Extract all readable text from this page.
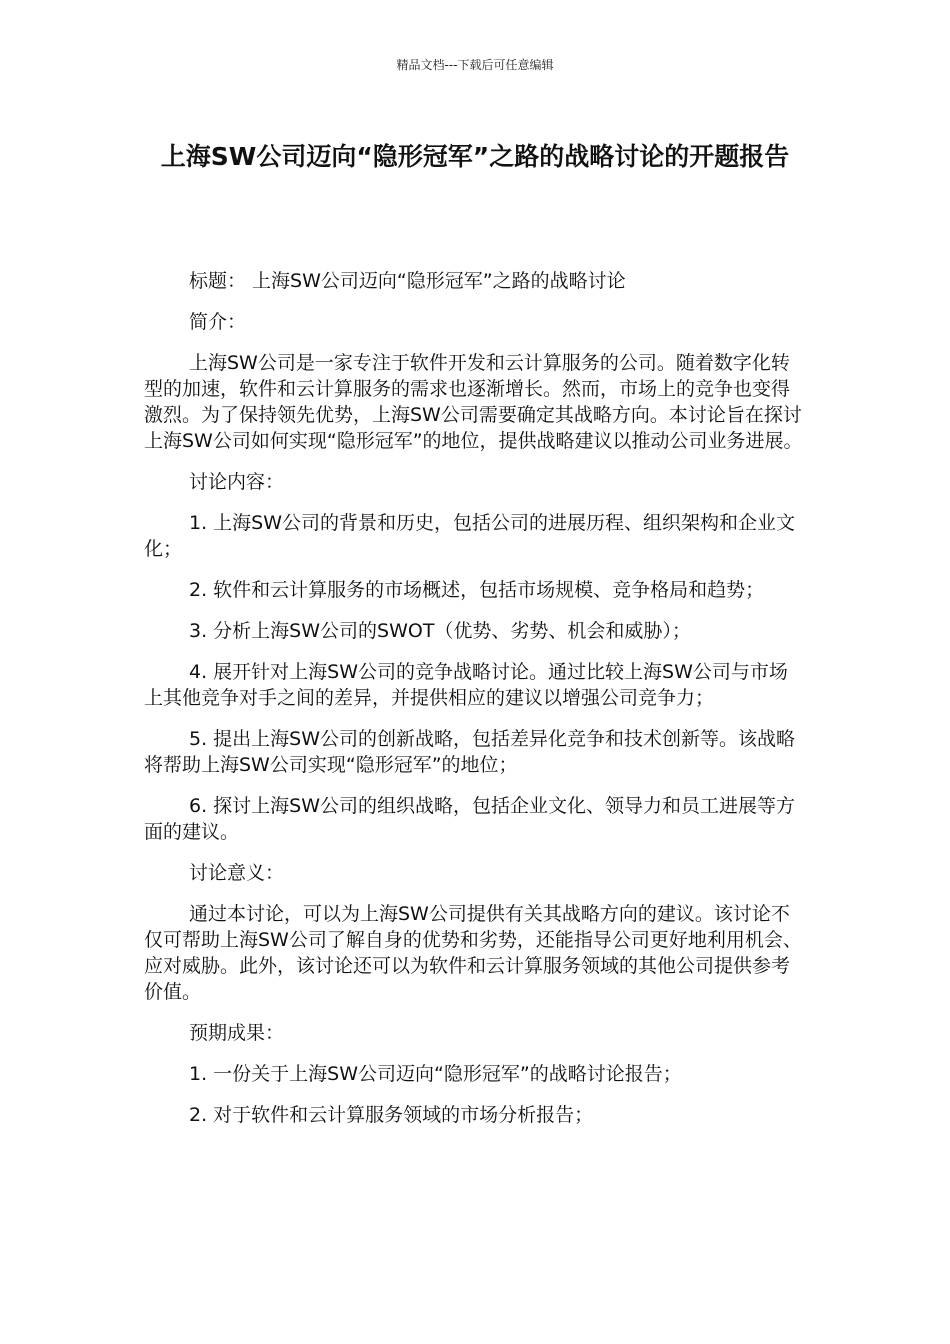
精品文档---下载后可任意编辑
上海SW公司迈向“隐形冠军”之路的战略讨论的开题报告

标题： 上海SW公司迈向“隐形冠军”之路的战略讨论

简介：

上海SW公司是一家专注于软件开发和云计算服务的公司。随着数字化转型的加速，软件和云计算服务的需求也逐渐增长。然而，市场上的竞争也变得激烈。为了保持领先优势，上海SW公司需要确定其战略方向。本讨论旨在探讨上海SW公司如何实现“隐形冠军”的地位，提供战略建议以推动公司业务进展。

讨论内容：

1. 上海SW公司的背景和历史，包括公司的进展历程、组织架构和企业文化；

2. 软件和云计算服务的市场概述，包括市场规模、竞争格局和趋势；

3. 分析上海SW公司的SWOT（优势、劣势、机会和威胁）；

4. 展开针对上海SW公司的竞争战略讨论。通过比较上海SW公司与市场上其他竞争对手之间的差异，并提供相应的建议以增强公司竞争力；

5. 提出上海SW公司的创新战略，包括差异化竞争和技术创新等。该战略将帮助上海SW公司实现“隐形冠军”的地位；

6. 探讨上海SW公司的组织战略，包括企业文化、领导力和员工进展等方面的建议。

讨论意义：

通过本讨论，可以为上海SW公司提供有关其战略方向的建议。该讨论不仅可帮助上海SW公司了解自身的优势和劣势，还能指导公司更好地利用机会、应对威胁。此外，该讨论还可以为软件和云计算服务领域的其他公司提供参考价值。

预期成果：

1. 一份关于上海SW公司迈向“隐形冠军”的战略讨论报告；

2. 对于软件和云计算服务领域的市场分析报告；
